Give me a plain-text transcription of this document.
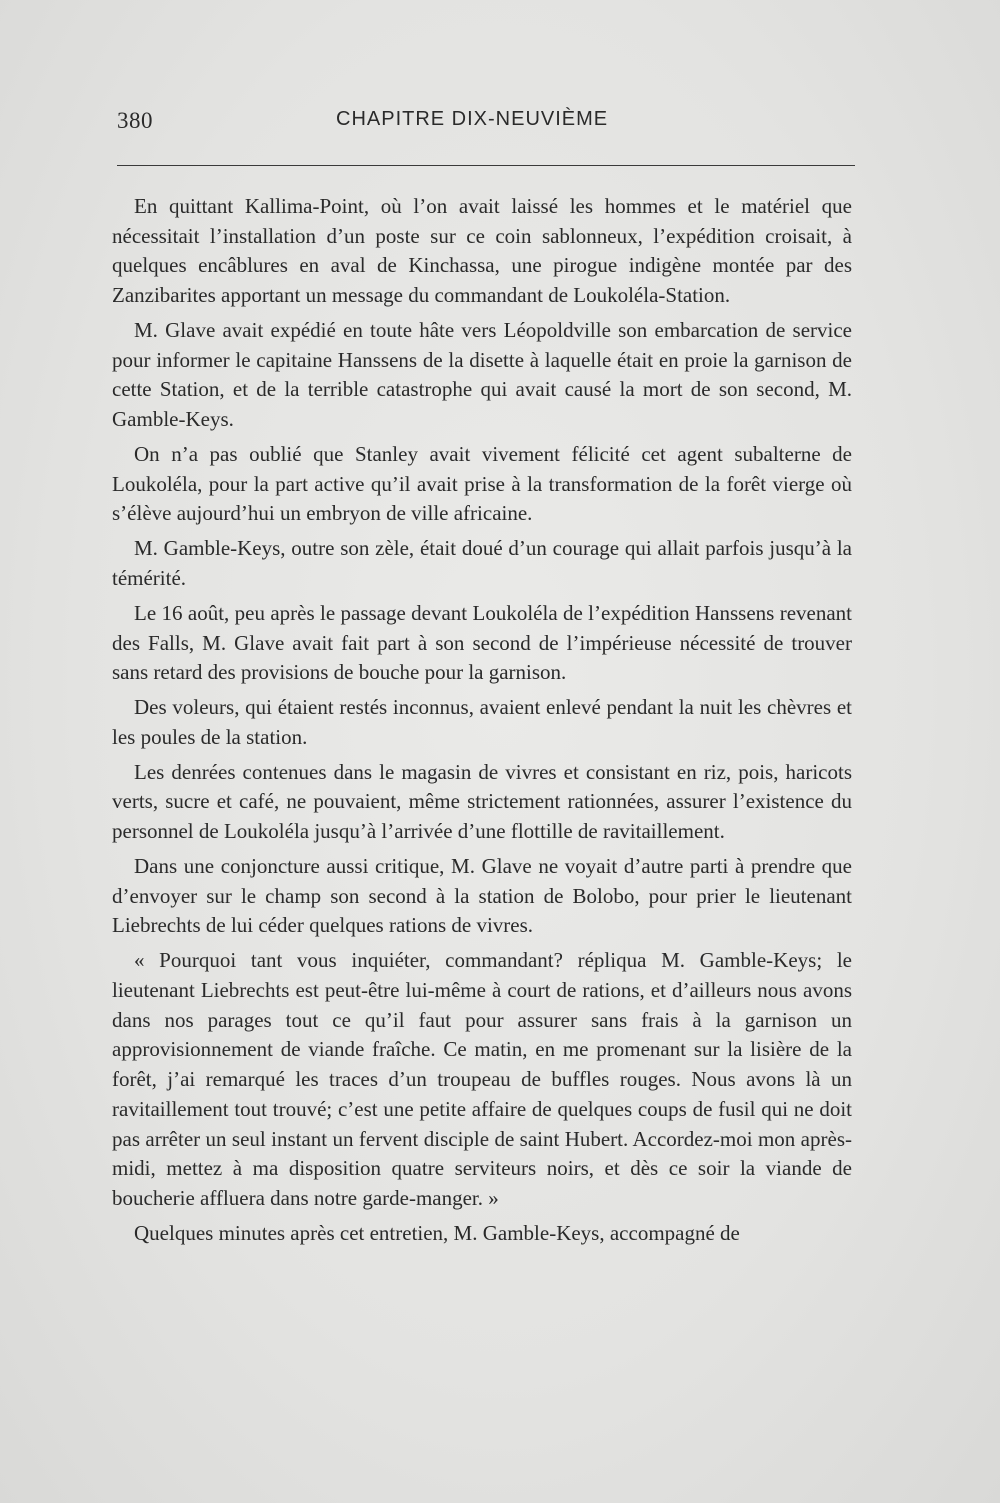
380	CHAPITRE DIX-NEUVIÈME

En quittant Kallima-Point, où l’on avait laissé les hommes et le matériel que nécessitait l’installation d’un poste sur ce coin sablonneux, l’expédition croisait, à quelques encâblures en aval de Kinchassa, une pirogue indigène montée par des Zanzibarites apportant un message du commandant de Loukoléla-Station.

M. Glave avait expédié en toute hâte vers Léopoldville son embarcation de service pour informer le capitaine Hanssens de la disette à laquelle était en proie la garnison de cette Station, et de la terrible catastrophe qui avait causé la mort de son second, M. Gamble-Keys.

On n’a pas oublié que Stanley avait vivement félicité cet agent subalterne de Loukoléla, pour la part active qu’il avait prise à la transformation de la forêt vierge où s’élève aujourd’hui un embryon de ville africaine.

M. Gamble-Keys, outre son zèle, était doué d’un courage qui allait parfois jusqu’à la témérité.

Le 16 août, peu après le passage devant Loukoléla de l’expédition Hanssens revenant des Falls, M. Glave avait fait part à son second de l’impérieuse nécessité de trouver sans retard des provisions de bouche pour la garnison.

Des voleurs, qui étaient restés inconnus, avaient enlevé pendant la nuit les chèvres et les poules de la station.

Les denrées contenues dans le magasin de vivres et consistant en riz, pois, haricots verts, sucre et café, ne pouvaient, même strictement rationnées, assurer l’existence du personnel de Loukoléla jusqu’à l’arrivée d’une flottille de ravitaillement.

Dans une conjoncture aussi critique, M. Glave ne voyait d’autre parti à prendre que d’envoyer sur le champ son second à la station de Bolobo, pour prier le lieutenant Liebrechts de lui céder quelques rations de vivres.

« Pourquoi tant vous inquiéter, commandant? répliqua M. Gamble-Keys; le lieutenant Liebrechts est peut-être lui-même à court de rations, et d’ailleurs nous avons dans nos parages tout ce qu’il faut pour assurer sans frais à la garnison un approvisionnement de viande fraîche. Ce matin, en me promenant sur la lisière de la forêt, j’ai remarqué les traces d’un troupeau de buffles rouges. Nous avons là un ravitaillement tout trouvé; c’est une petite affaire de quelques coups de fusil qui ne doit pas arrêter un seul instant un fervent disciple de saint Hubert. Accordez-moi mon après-midi, mettez à ma disposition quatre serviteurs noirs, et dès ce soir la viande de boucherie affluera dans notre garde-manger. »

Quelques minutes après cet entretien, M. Gamble-Keys, accompagné de
